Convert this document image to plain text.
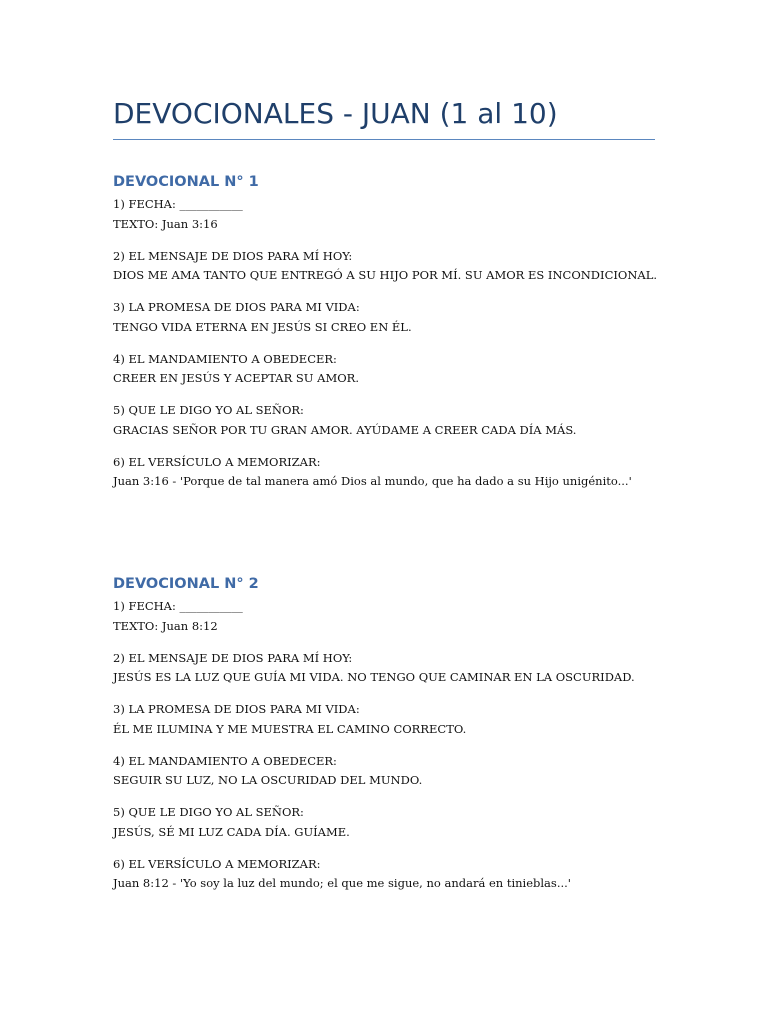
DEVOCIONALES - JUAN (1 al 10)
DEVOCIONAL N° 1

1) FECHA: ___________

TEXTO: Juan 3:16

2) EL MENSAJE DE DIOS PARA MÍ HOY:

DIOS ME AMA TANTO QUE ENTREGÓ A SU HIJO POR MÍ. SU AMOR ES INCONDICIONAL.

3) LA PROMESA DE DIOS PARA MI VIDA:

TENGO VIDA ETERNA EN JESÚS SI CREO EN ÉL.

4) EL MANDAMIENTO A OBEDECER:

CREER EN JESÚS Y ACEPTAR SU AMOR.

5) QUE LE DIGO YO AL SEÑOR:

GRACIAS SEÑOR POR TU GRAN AMOR. AYÚDAME A CREER CADA DÍA MÁS.

6) EL VERSÍCULO A MEMORIZAR:

Juan 3:16 - 'Porque de tal manera amó Dios al mundo, que ha dado a su Hijo unigénito...'

DEVOCIONAL N° 2

1) FECHA: ___________

TEXTO: Juan 8:12

2) EL MENSAJE DE DIOS PARA MÍ HOY:

JESÚS ES LA LUZ QUE GUÍA MI VIDA. NO TENGO QUE CAMINAR EN LA OSCURIDAD.

3) LA PROMESA DE DIOS PARA MI VIDA:

ÉL ME ILUMINA Y ME MUESTRA EL CAMINO CORRECTO.

4) EL MANDAMIENTO A OBEDECER:

SEGUIR SU LUZ, NO LA OSCURIDAD DEL MUNDO.

5) QUE LE DIGO YO AL SEÑOR:

JESÚS, SÉ MI LUZ CADA DÍA. GUÍAME.

6) EL VERSÍCULO A MEMORIZAR:

Juan 8:12 - 'Yo soy la luz del mundo; el que me sigue, no andará en tinieblas...'
